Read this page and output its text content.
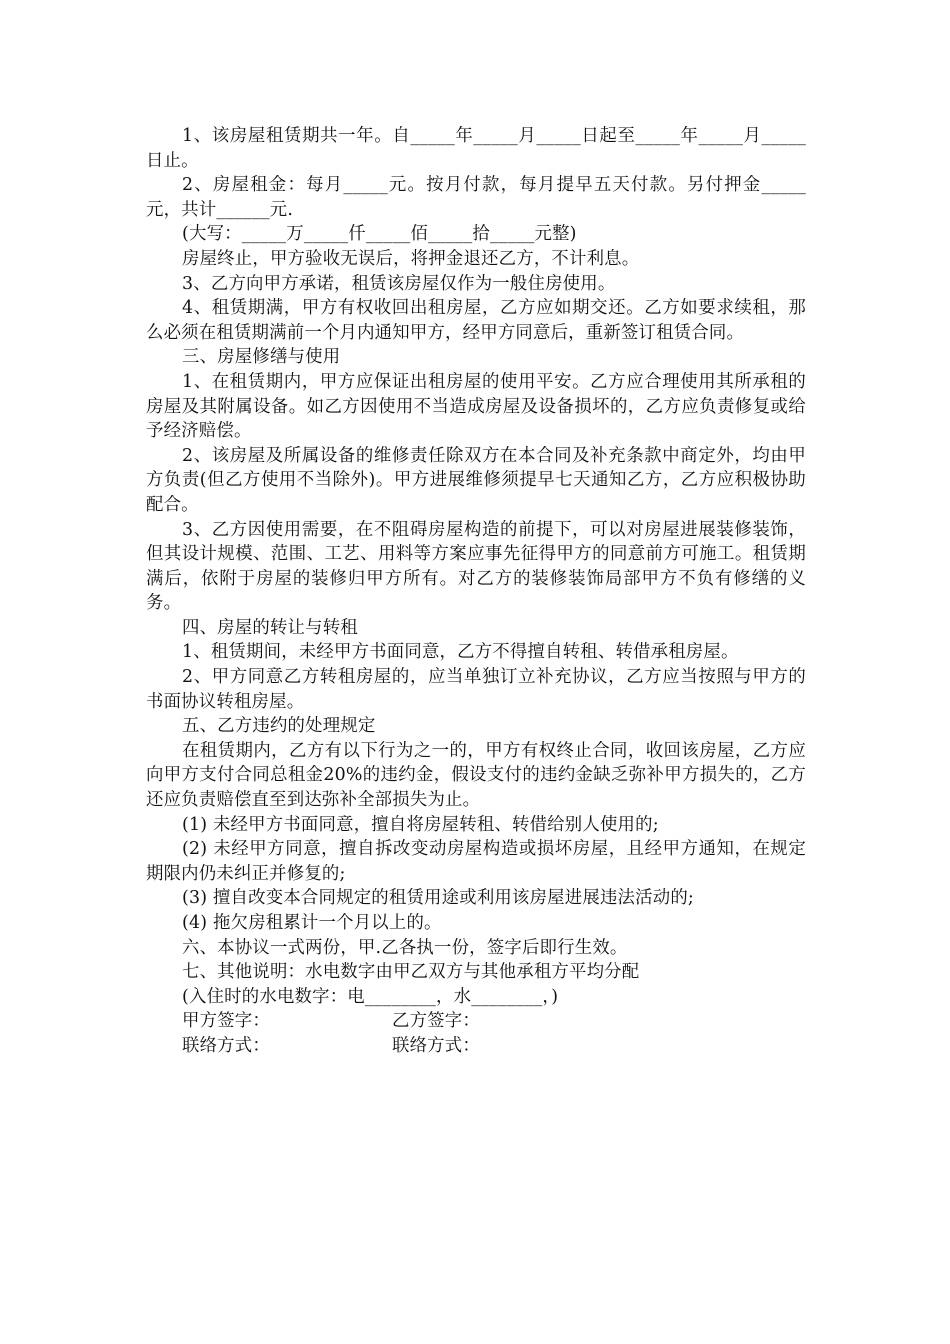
1、该房屋租赁期共一年。自_____年_____月_____日起至_____年_____月_____日止。

2、房屋租金：每月_____元。按月付款，每月提早五天付款。另付押金_____元，共计______元.

(大写：_____万_____仟_____佰_____拾_____元整)

房屋终止，甲方验收无误后，将押金退还乙方，不计利息。

3、乙方向甲方承诺，租赁该房屋仅作为一般住房使用。

4、租赁期满，甲方有权收回出租房屋，乙方应如期交还。乙方如要求续租，那么必须在租赁期满前一个月内通知甲方，经甲方同意后，重新签订租赁合同。

三、房屋修缮与使用

1、在租赁期内，甲方应保证出租房屋的使用平安。乙方应合理使用其所承租的房屋及其附属设备。如乙方因使用不当造成房屋及设备损坏的，乙方应负责修复或给予经济赔偿。

2、该房屋及所属设备的维修责任除双方在本合同及补充条款中商定外，均由甲方负责(但乙方使用不当除外)。甲方进展维修须提早七天通知乙方，乙方应积极协助配合。

3、乙方因使用需要，在不阻碍房屋构造的前提下，可以对房屋进展装修装饰，但其设计规模、范围、工艺、用料等方案应事先征得甲方的同意前方可施工。租赁期满后，依附于房屋的装修归甲方所有。对乙方的装修装饰局部甲方不负有修缮的义务。

四、房屋的转让与转租

1、租赁期间，未经甲方书面同意，乙方不得擅自转租、转借承租房屋。

2、甲方同意乙方转租房屋的，应当单独订立补充协议，乙方应当按照与甲方的书面协议转租房屋。

五、乙方违约的处理规定

在租赁期内，乙方有以下行为之一的，甲方有权终止合同，收回该房屋，乙方应向甲方支付合同总租金20%的违约金，假设支付的违约金缺乏弥补甲方损失的，乙方还应负责赔偿直至到达弥补全部损失为止。

(1) 未经甲方书面同意，擅自将房屋转租、转借给别人使用的;

(2) 未经甲方同意，擅自拆改变动房屋构造或损坏房屋，且经甲方通知，在规定期限内仍未纠正并修复的;

(3) 擅自改变本合同规定的租赁用途或利用该房屋进展违法活动的;

(4) 拖欠房租累计一个月以上的。

六、本协议一式两份，甲.乙各执一份，签字后即行生效。

七、其他说明：水电数字由甲乙双方与其他承租方平均分配

(入住时的水电数字：电________，水________，)

甲方签字：	乙方签字：
联络方式：	联络方式：
